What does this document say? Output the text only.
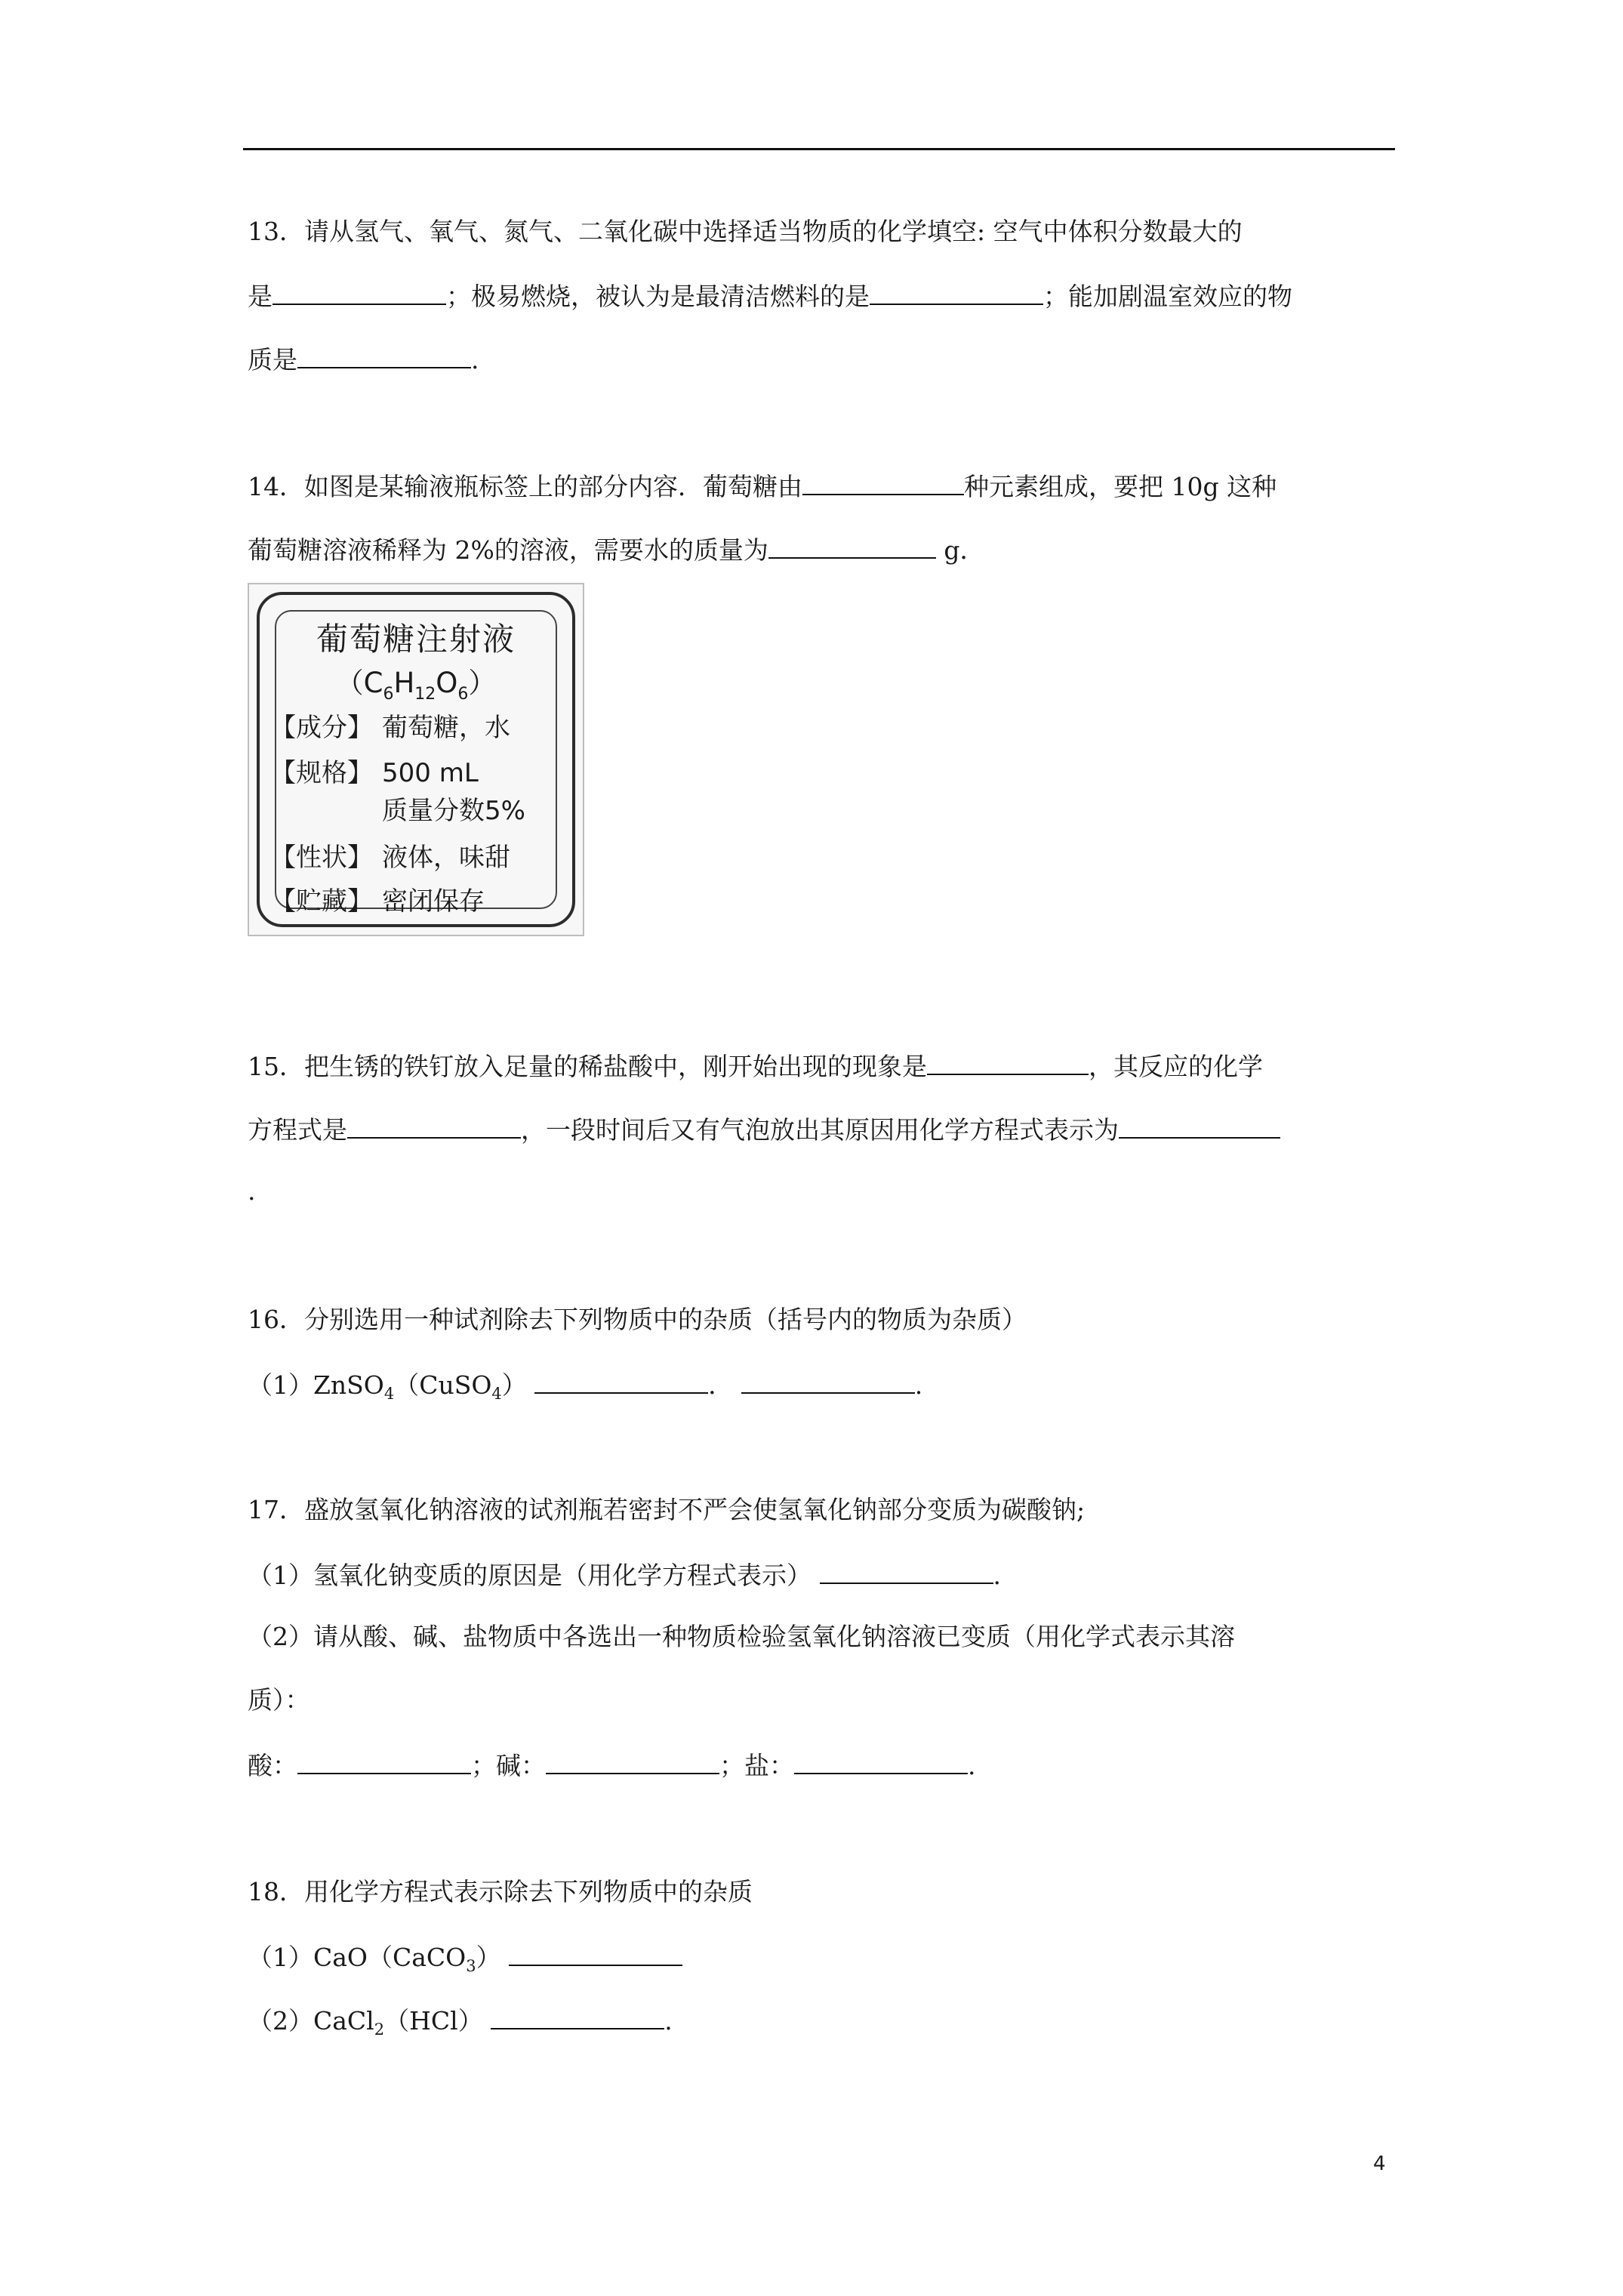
13．请从氢气、氧气、氮气、二氧化碳中选择适当物质的化学填空: 空气中体积分数最大的
是	；极易燃烧，被认为是最清洁燃料的是	；能加剧温室效应的物
质是	.
14．如图是某输液瓶标签上的部分内容．葡萄糖由	种元素组成，要把 10g 这种
葡萄糖溶液稀释为 2%的溶液，需要水的质量为	g．
葡萄糖注射液
$(C_6H_{12}O_6)$
【成分】 葡萄糖，水
【规格】 500 mL
质量分数5%
【性状】 液体，味甜
【贮藏】 密闭保存
15．把生锈的铁钉放入足量的稀盐酸中，刚开始出现的现象是	，其反应的化学
方程式是	，一段时间后又有气泡放出其原因用化学方程式表示为
.
16．分别选用一种试剂除去下列物质中的杂质（括号内的物质为杂质）
（1）ZnSO$_4$（CuSO$_4$）	．	.
17．盛放氢氧化钠溶液的试剂瓶若密封不严会使氢氧化钠部分变质为碳酸钠;
（1）氢氧化钠变质的原因是（用化学方程式表示）	.
（2）请从酸、碱、盐物质中各选出一种物质检验氢氧化钠溶液已变质（用化学式表示其溶
质）：
酸：	；碱：	；盐：	.
18．用化学方程式表示除去下列物质中的杂质
（1）CaO（CaCO$_3$）
（2）CaCl$_2$（HCl）	.
4
